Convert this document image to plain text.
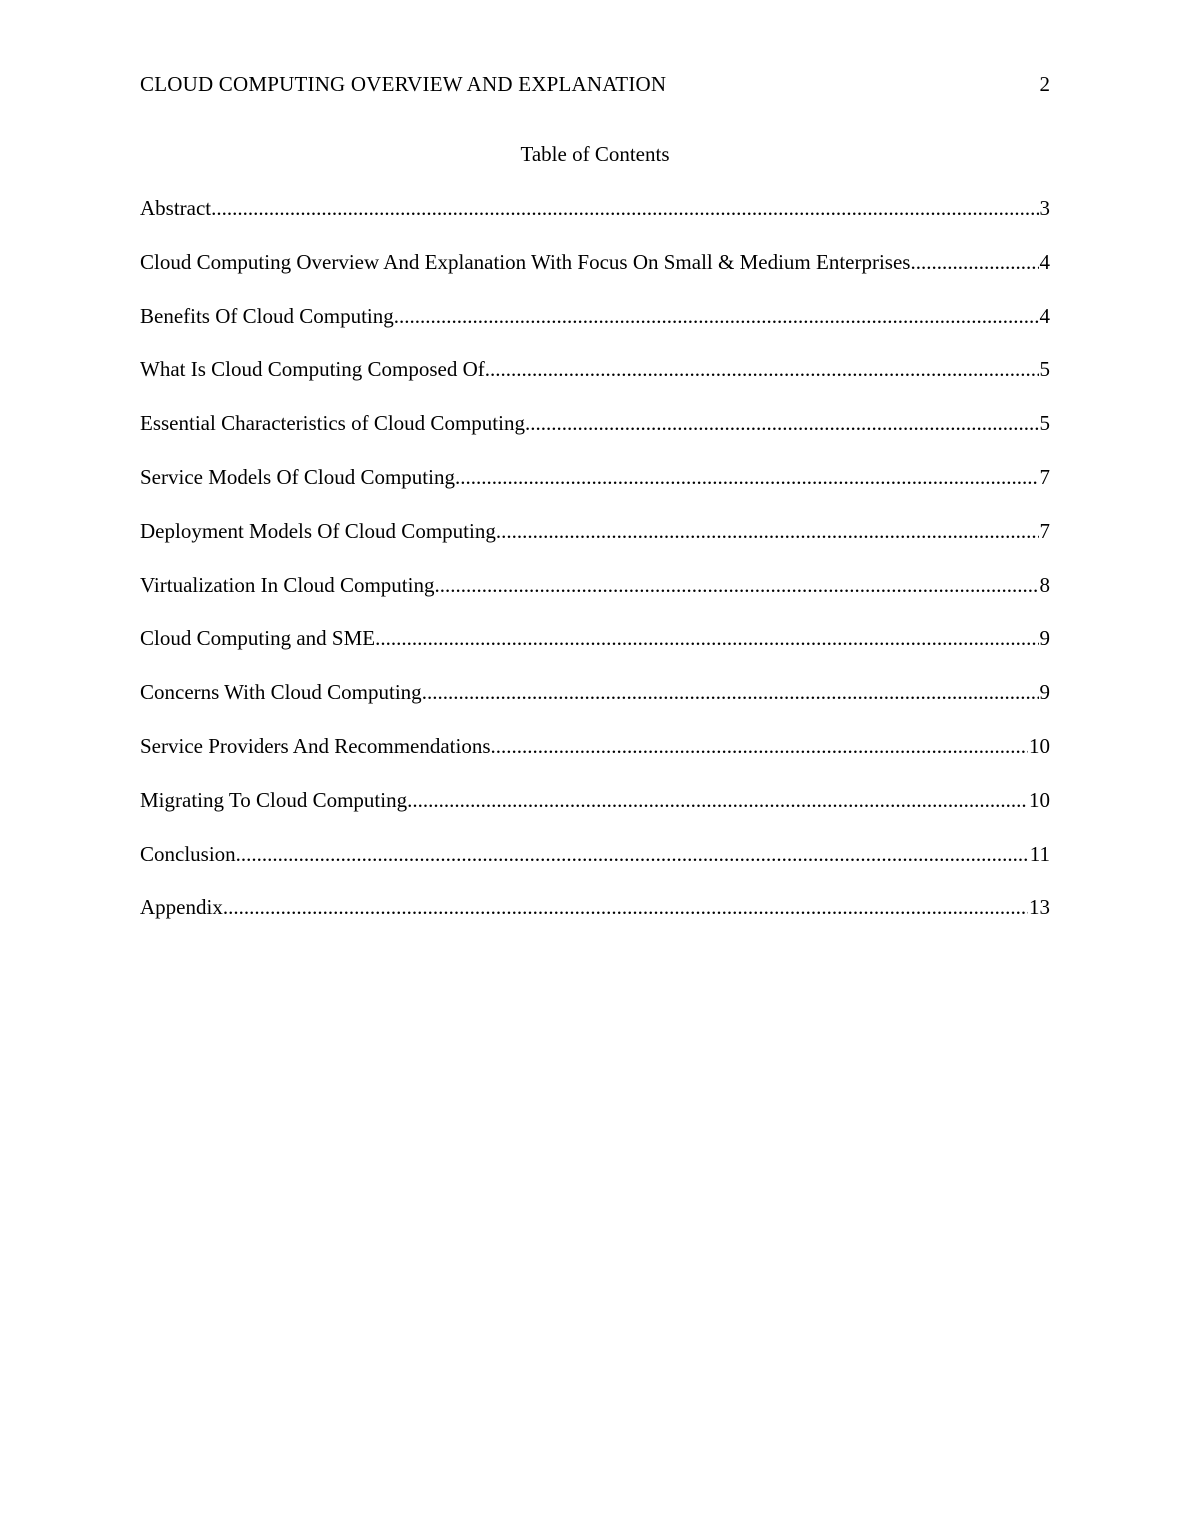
CLOUD COMPUTING OVERVIEW AND EXPLANATION	2
Table of Contents
Abstract .....	3
Cloud Computing Overview And Explanation With Focus On Small & Medium Enterprises .....	4
Benefits Of Cloud Computing .....	4
What Is Cloud Computing Composed Of .....	5
Essential Characteristics of Cloud Computing .....	5
Service Models Of Cloud Computing .....	7
Deployment Models Of Cloud Computing .....	7
Virtualization In Cloud Computing .....	8
Cloud Computing and SME .....	9
Concerns With Cloud Computing .....	9
Service Providers And Recommendations .....	10
Migrating To Cloud Computing .....	10
Conclusion .....	11
Appendix .....	13
